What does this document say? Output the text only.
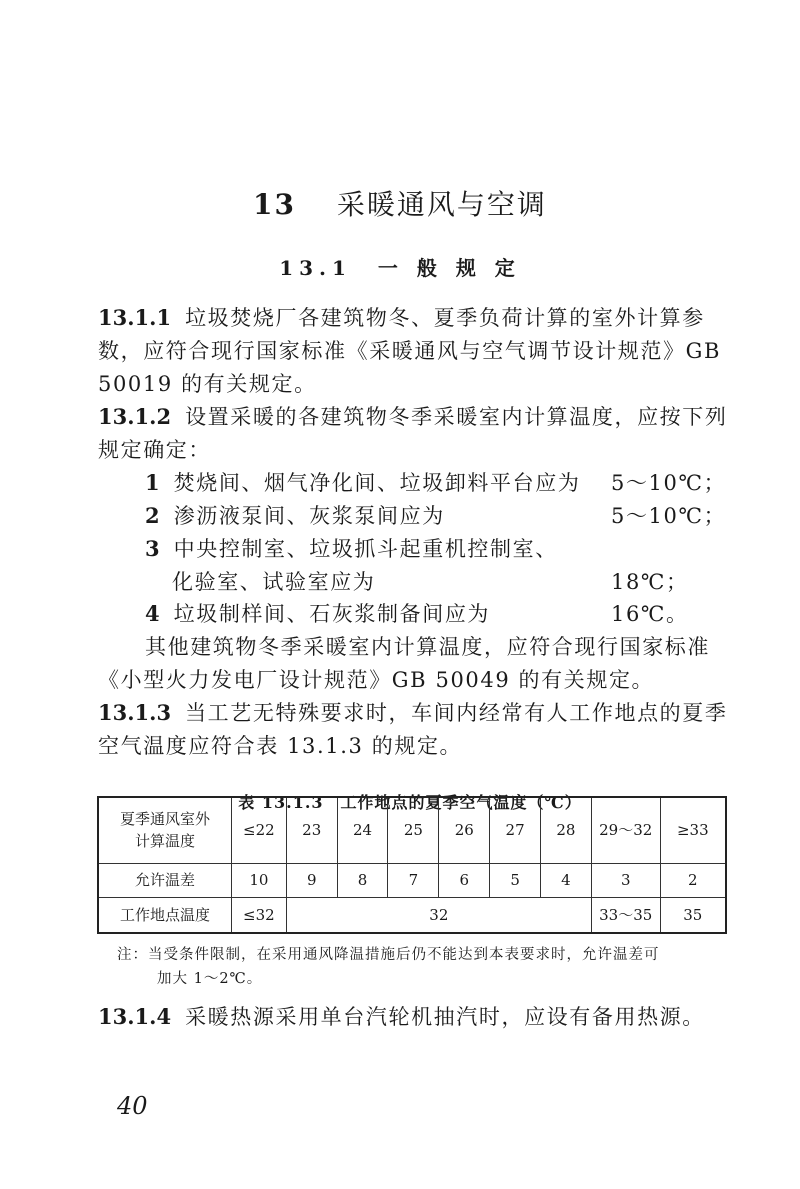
13　 采暖通风与空调
13.1　 一 般 规 定
13.1.1 垃圾焚烧厂各建筑物冬、夏季负荷计算的室外计算参
数，应符合现行国家标准《采暖通风与空气调节设计规范》GB
50019 的有关规定。
13.1.2 设置采暖的各建筑物冬季采暖室内计算温度，应按下列
规定确定：
1 焚烧间、烟气净化间、垃圾卸料平台应为 5～10℃；
2 渗沥液泵间、灰浆泵间应为	5～10℃；
3 中央控制室、垃圾抓斗起重机控制室、
化验室、试验室应为	18℃；
4 垃圾制样间、石灰浆制备间应为	16℃。
其他建筑物冬季采暖室内计算温度，应符合现行国家标准
《小型火力发电厂设计规范》GB 50049 的有关规定。
13.1.3 当工艺无特殊要求时，车间内经常有人工作地点的夏季
空气温度应符合表 13.1.3 的规定。
表 13.1.3　工作地点的夏季空气温度（℃）
夏季通风室外
计算温度	≤22	23	24	25	26	27	28	29～32	≥33
允许温差	10	9	8	7	6	5	4	3	2
工作地点温度	≤32	32						33～35	35
注：当受条件限制，在采用通风降温措施后仍不能达到本表要求时，允许温差可
加大 1～2℃。
13.1.4 采暖热源采用单台汽轮机抽汽时，应设有备用热源。
40
